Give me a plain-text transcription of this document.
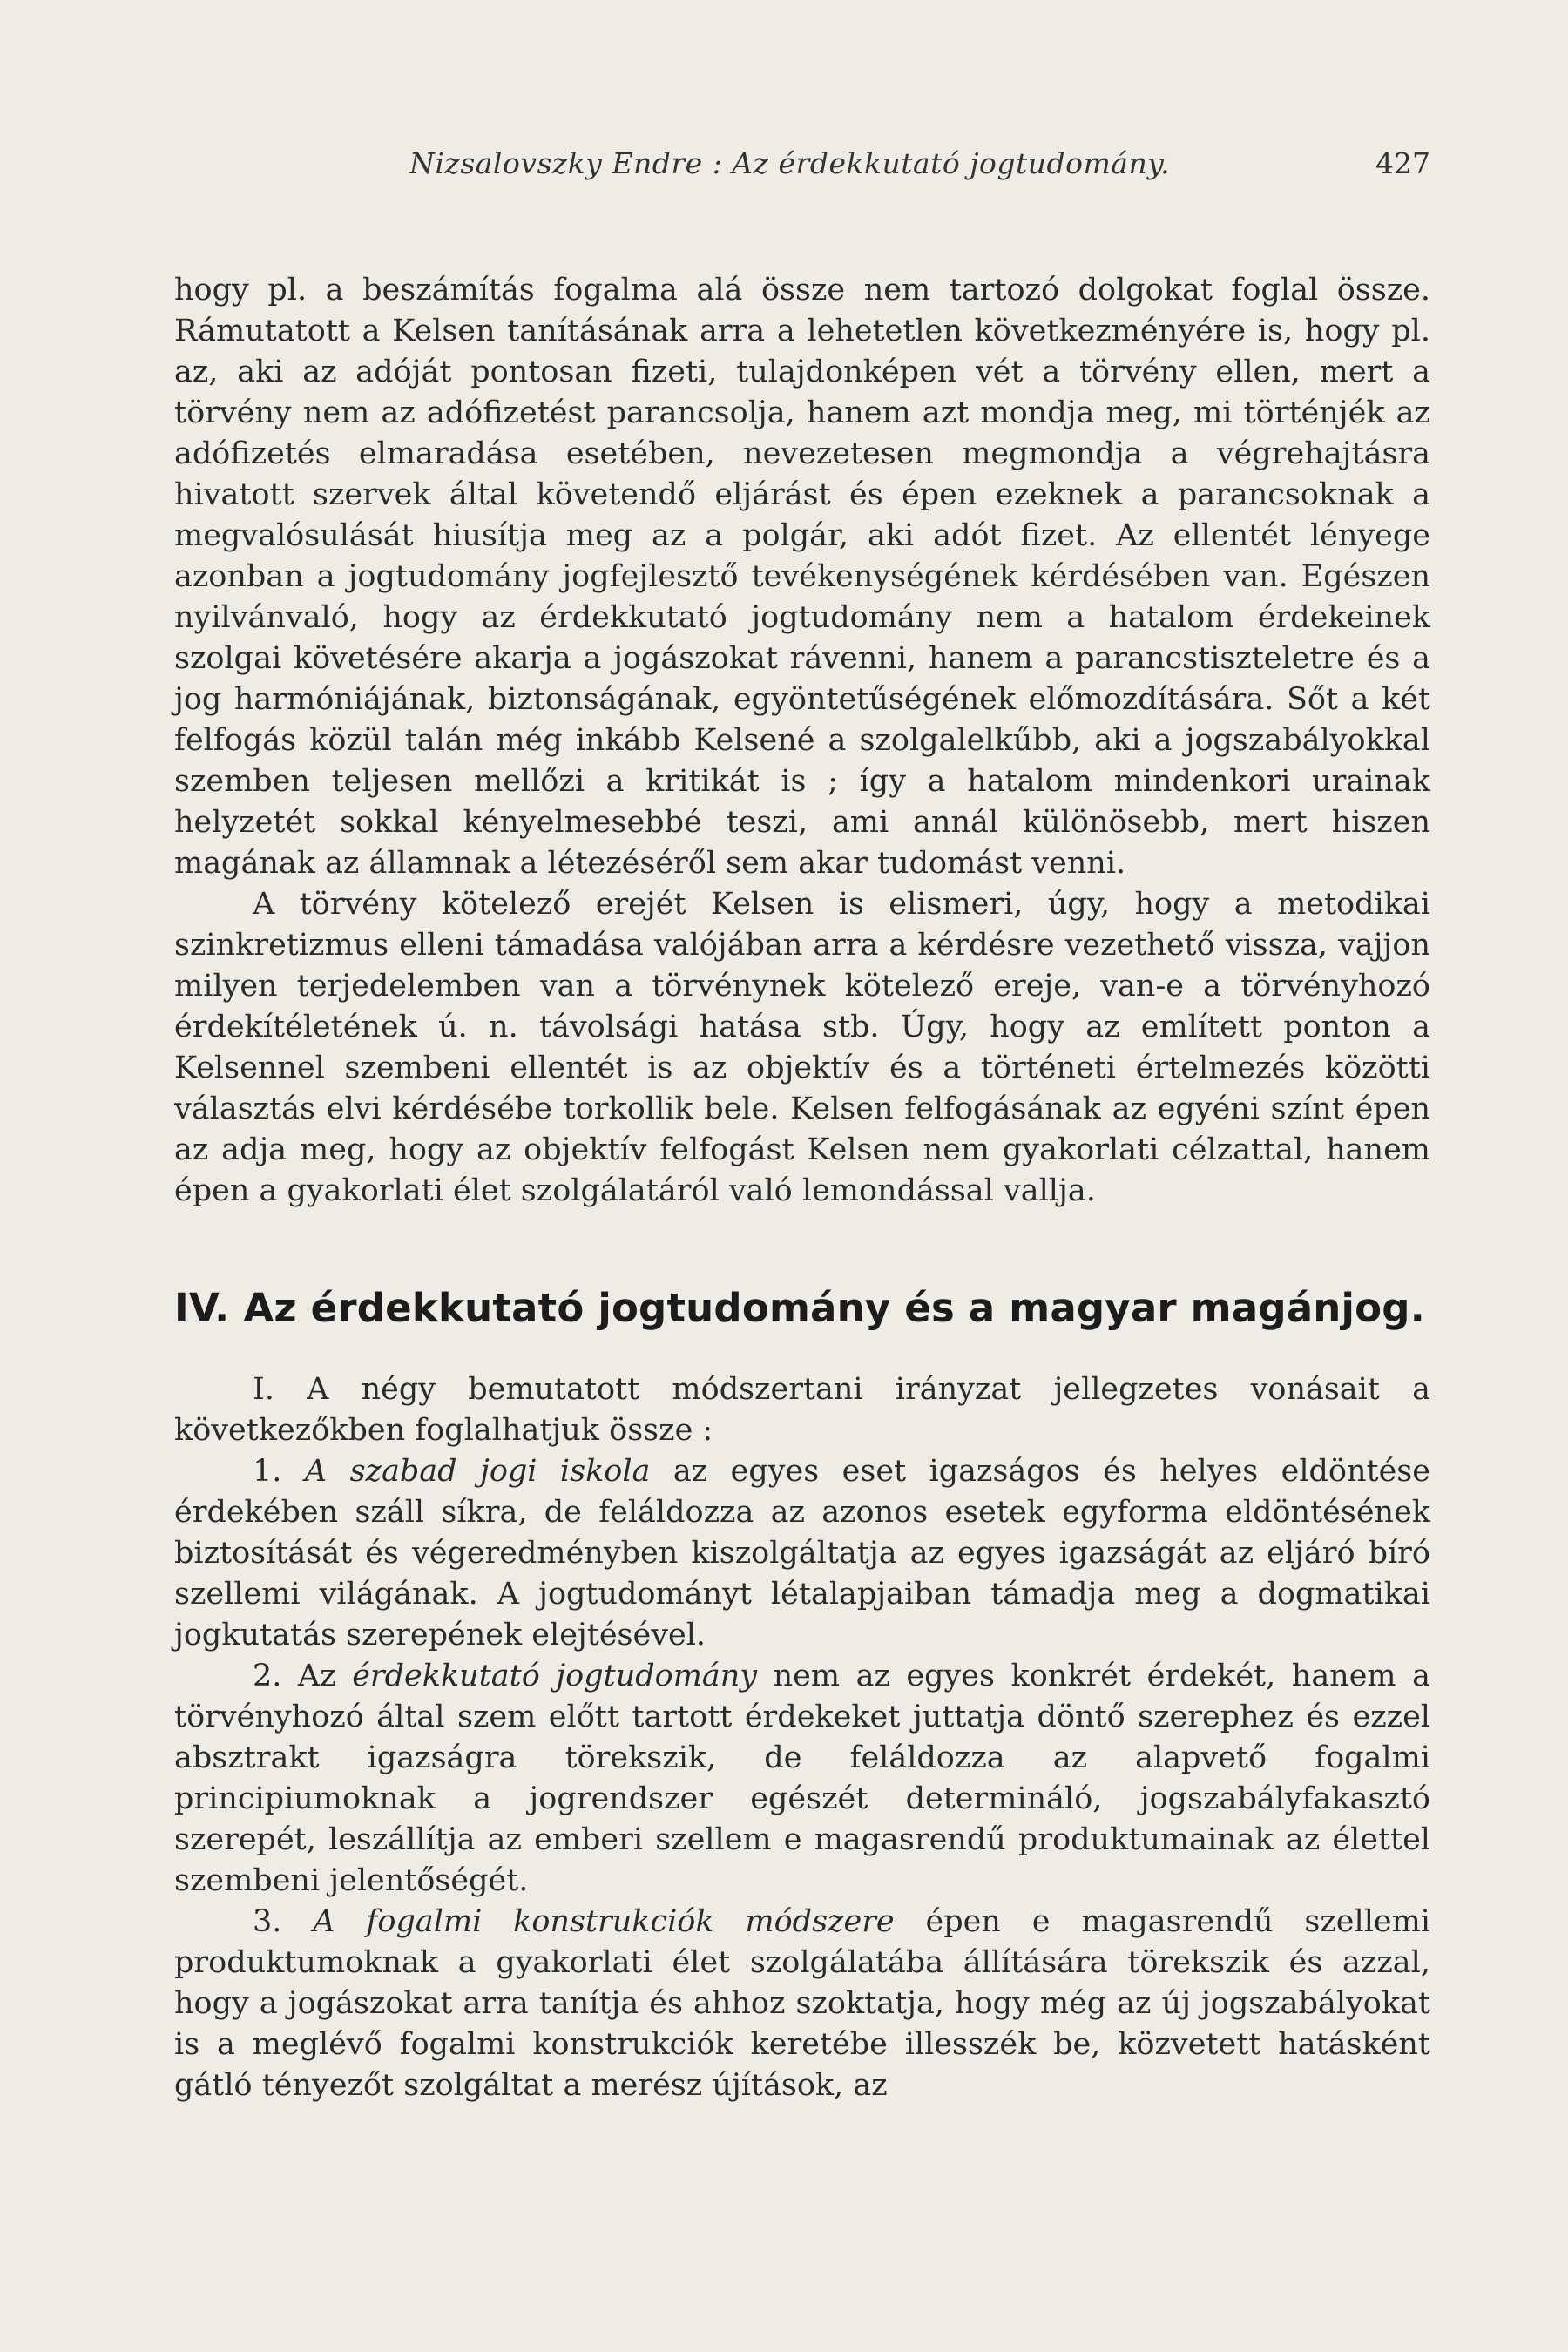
Nizsalovszky Endre : Az érdekkutató jogtudomány.	427

hogy pl. a beszámítás fogalma alá össze nem tartozó dolgokat foglal össze. Rámutatott a Kelsen tanításának arra a lehetetlen következményére is, hogy pl. az, aki az adóját pontosan fizeti, tulajdonképen vét a törvény ellen, mert a törvény nem az adófizetést parancsolja, hanem azt mondja meg, mi történjék az adófizetés elmaradása esetében, nevezetesen megmondja a végrehajtásra hivatott szervek által követendő eljárást és épen ezeknek a parancsoknak a megvalósulását hiusítja meg az a polgár, aki adót fizet. Az ellentét lényege azonban a jogtudomány jogfejlesztő tevékenységének kérdésében van. Egészen nyilvánvaló, hogy az érdekkutató jogtudomány nem a hatalom érdekeinek szolgai követésére akarja a jogászokat rávenni, hanem a parancstiszteletre és a jog harmóniájának, biztonságának, egyöntetűségének előmozdítására. Sőt a két felfogás közül talán még inkább Kelsené a szolgalelkűbb, aki a jogszabályokkal szemben teljesen mellőzi a kritikát is ; így a hatalom mindenkori urainak helyzetét sokkal kényelmesebbé teszi, ami annál különösebb, mert hiszen magának az államnak a létezéséről sem akar tudomást venni.

A törvény kötelező erejét Kelsen is elismeri, úgy, hogy a metodikai szinkretizmus elleni támadása valójában arra a kérdésre vezethető vissza, vajjon milyen terjedelemben van a törvénynek kötelező ereje, van-e a törvényhozó érdekítéletének ú. n. távolsági hatása stb. Úgy, hogy az említett ponton a Kelsennel szembeni ellentét is az objektív és a történeti értelmezés közötti választás elvi kérdésébe torkollik bele. Kelsen felfogásának az egyéni színt épen az adja meg, hogy az objektív felfogást Kelsen nem gyakorlati célzattal, hanem épen a gyakorlati élet szolgálatáról való lemondással vallja.

IV. Az érdekkutató jogtudomány és a magyar magánjog.

I. A négy bemutatott módszertani irányzat jellegzetes vonásait a következőkben foglalhatjuk össze :

1. A szabad jogi iskola az egyes eset igazságos és helyes eldöntése érdekében száll síkra, de feláldozza az azonos esetek egyforma eldöntésének biztosítását és végeredményben kiszolgáltatja az egyes igazságát az eljáró bíró szellemi világának. A jogtudományt létalapjaiban támadja meg a dogmatikai jogkutatás szerepének elejtésével.

2. Az érdekkutató jogtudomány nem az egyes konkrét érdekét, hanem a törvényhozó által szem előtt tartott érdekeket juttatja döntő szerephez és ezzel absztrakt igazságra törekszik, de feláldozza az alapvető fogalmi principiumoknak a jogrendszer egészét determináló, jogszabályfakasztó szerepét, leszállítja az emberi szellem e magasrendű produktumainak az élettel szembeni jelentőségét.

3. A fogalmi konstrukciók módszere épen e magasrendű szellemi produktumoknak a gyakorlati élet szolgálatába állítására törekszik és azzal, hogy a jogászokat arra tanítja és ahhoz szoktatja, hogy még az új jogszabályokat is a meglévő fogalmi konstrukciók keretébe illesszék be, közvetett hatásként gátló tényezőt szolgáltat a merész újítások, az
